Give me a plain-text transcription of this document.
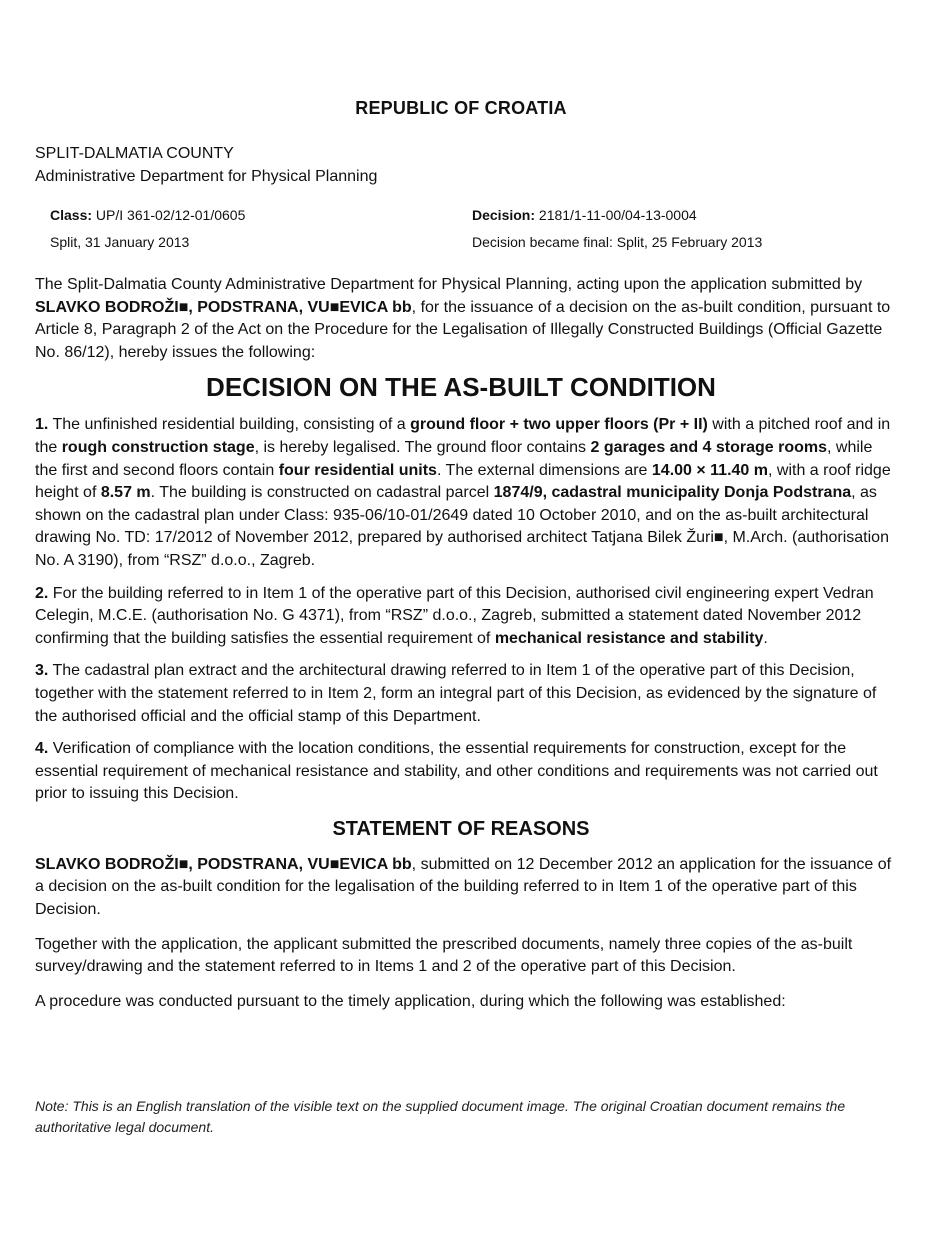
REPUBLIC OF CROATIA
SPLIT-DALMATIA COUNTY
Administrative Department for Physical Planning
Class: UP/I 361-02/12-01/0605
Split, 31 January 2013
Decision: 2181/1-11-00/04-13-0004
Decision became final: Split, 25 February 2013

The Split-Dalmatia County Administrative Department for Physical Planning, acting upon the application submitted by SLAVKO BODROŽI■, PODSTRANA, VU■EVICA bb, for the issuance of a decision on the as-built condition, pursuant to Article 8, Paragraph 2 of the Act on the Procedure for the Legalisation of Illegally Constructed Buildings (Official Gazette No. 86/12), hereby issues the following:

DECISION ON THE AS-BUILT CONDITION

1. The unfinished residential building, consisting of a ground floor + two upper floors (Pr + II) with a pitched roof and in the rough construction stage, is hereby legalised. The ground floor contains 2 garages and 4 storage rooms, while the first and second floors contain four residential units. The external dimensions are 14.00 × 11.40 m, with a roof ridge height of 8.57 m. The building is constructed on cadastral parcel 1874/9, cadastral municipality Donja Podstrana, as shown on the cadastral plan under Class: 935-06/10-01/2649 dated 10 October 2010, and on the as-built architectural drawing No. TD: 17/2012 of November 2012, prepared by authorised architect Tatjana Bilek Žuri■, M.Arch. (authorisation No. A 3190), from “RSZ” d.o.o., Zagreb.

2. For the building referred to in Item 1 of the operative part of this Decision, authorised civil engineering expert Vedran Celegin, M.C.E. (authorisation No. G 4371), from “RSZ” d.o.o., Zagreb, submitted a statement dated November 2012 confirming that the building satisfies the essential requirement of mechanical resistance and stability.

3. The cadastral plan extract and the architectural drawing referred to in Item 1 of the operative part of this Decision, together with the statement referred to in Item 2, form an integral part of this Decision, as evidenced by the signature of the authorised official and the official stamp of this Department.

4. Verification of compliance with the location conditions, the essential requirements for construction, except for the essential requirement of mechanical resistance and stability, and other conditions and requirements was not carried out prior to issuing this Decision.

STATEMENT OF REASONS

SLAVKO BODROŽI■, PODSTRANA, VU■EVICA bb, submitted on 12 December 2012 an application for the issuance of a decision on the as-built condition for the legalisation of the building referred to in Item 1 of the operative part of this Decision.

Together with the application, the applicant submitted the prescribed documents, namely three copies of the as-built survey/drawing and the statement referred to in Items 1 and 2 of the operative part of this Decision.

A procedure was conducted pursuant to the timely application, during which the following was established:

Note: This is an English translation of the visible text on the supplied document image. The original Croatian document remains the authoritative legal document.
